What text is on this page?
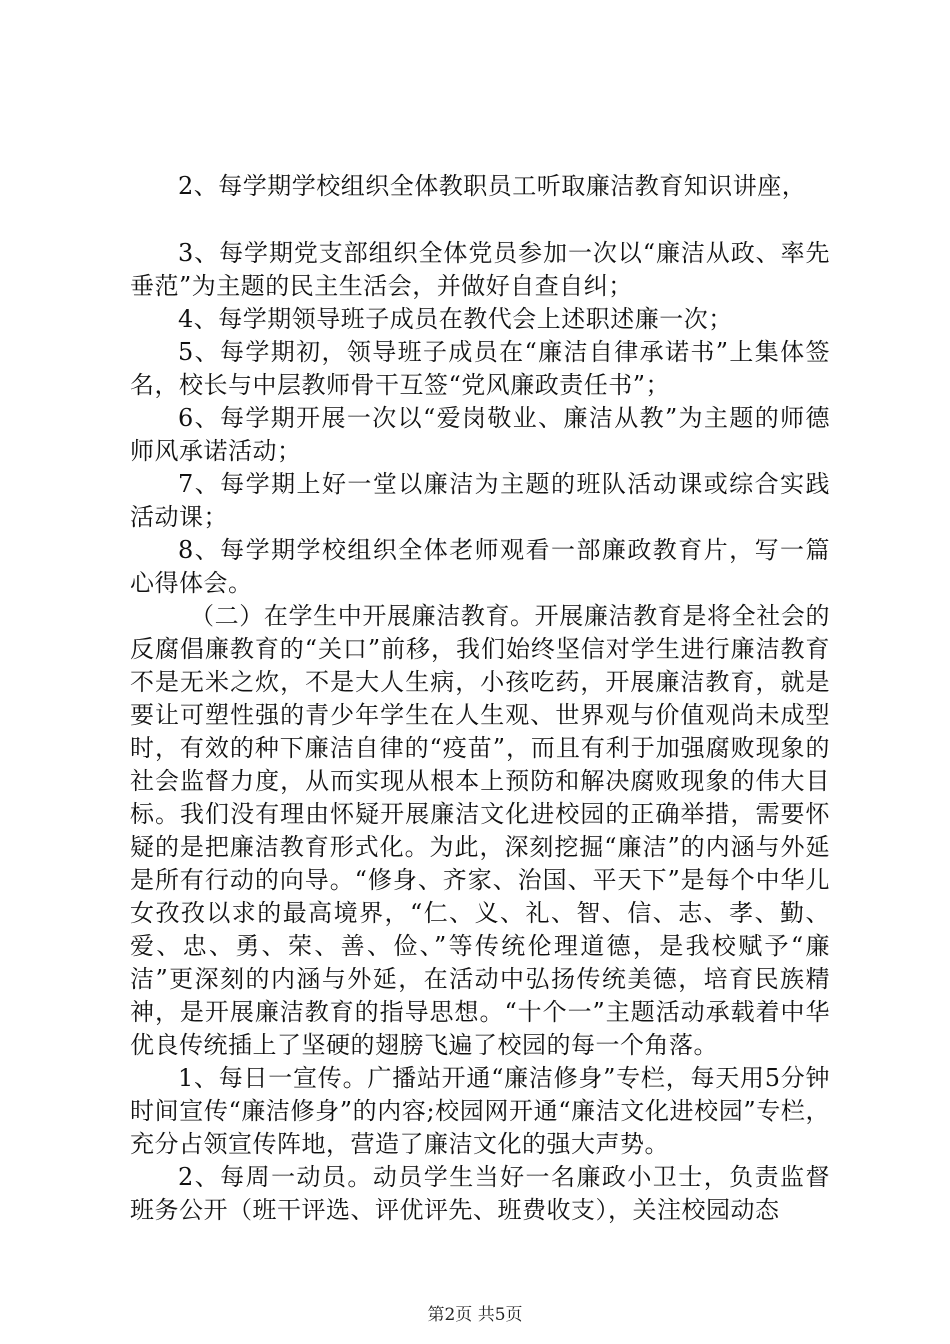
2、每学期学校组织全体教职员工听取廉洁教育知识讲座，

3、每学期党支部组织全体党员参加一次以“廉洁从政、率先垂范”为主题的民主生活会，并做好自查自纠；

4、每学期领导班子成员在教代会上述职述廉一次；

5、每学期初，领导班子成员在“廉洁自律承诺书”上集体签名，校长与中层教师骨干互签“党风廉政责任书”；

6、每学期开展一次以“爱岗敬业、廉洁从教”为主题的师德师风承诺活动；

7、每学期上好一堂以廉洁为主题的班队活动课或综合实践活动课；

8、每学期学校组织全体老师观看一部廉政教育片，写一篇心得体会。

（二）在学生中开展廉洁教育。开展廉洁教育是将全社会的反腐倡廉教育的“关口”前移，我们始终坚信对学生进行廉洁教育不是无米之炊，不是大人生病，小孩吃药，开展廉洁教育，就是要让可塑性强的青少年学生在人生观、世界观与价值观尚未成型时，有效的种下廉洁自律的“疫苗”，而且有利于加强腐败现象的社会监督力度，从而实现从根本上预防和解决腐败现象的伟大目标。我们没有理由怀疑开展廉洁文化进校园的正确举措，需要怀疑的是把廉洁教育形式化。为此，深刻挖掘“廉洁”的内涵与外延是所有行动的向导。“修身、齐家、治国、平天下”是每个中华儿女孜孜以求的最高境界，“仁、义、礼、智、信、志、孝、勤、爱、忠、勇、荣、善、俭、”等传统伦理道德，是我校赋予“廉洁”更深刻的内涵与外延，在活动中弘扬传统美德，培育民族精神，是开展廉洁教育的指导思想。“十个一”主题活动承载着中华优良传统插上了坚硬的翅膀飞遍了校园的每一个角落。

1、每日一宣传。广播站开通“廉洁修身”专栏，每天用5分钟时间宣传“廉洁修身”的内容;校园网开通“廉洁文化进校园”专栏，充分占领宣传阵地，营造了廉洁文化的强大声势。

2、每周一动员。动员学生当好一名廉政小卫士，负责监督班务公开（班干评选、评优评先、班费收支），关注校园动态

第2页 共5页
